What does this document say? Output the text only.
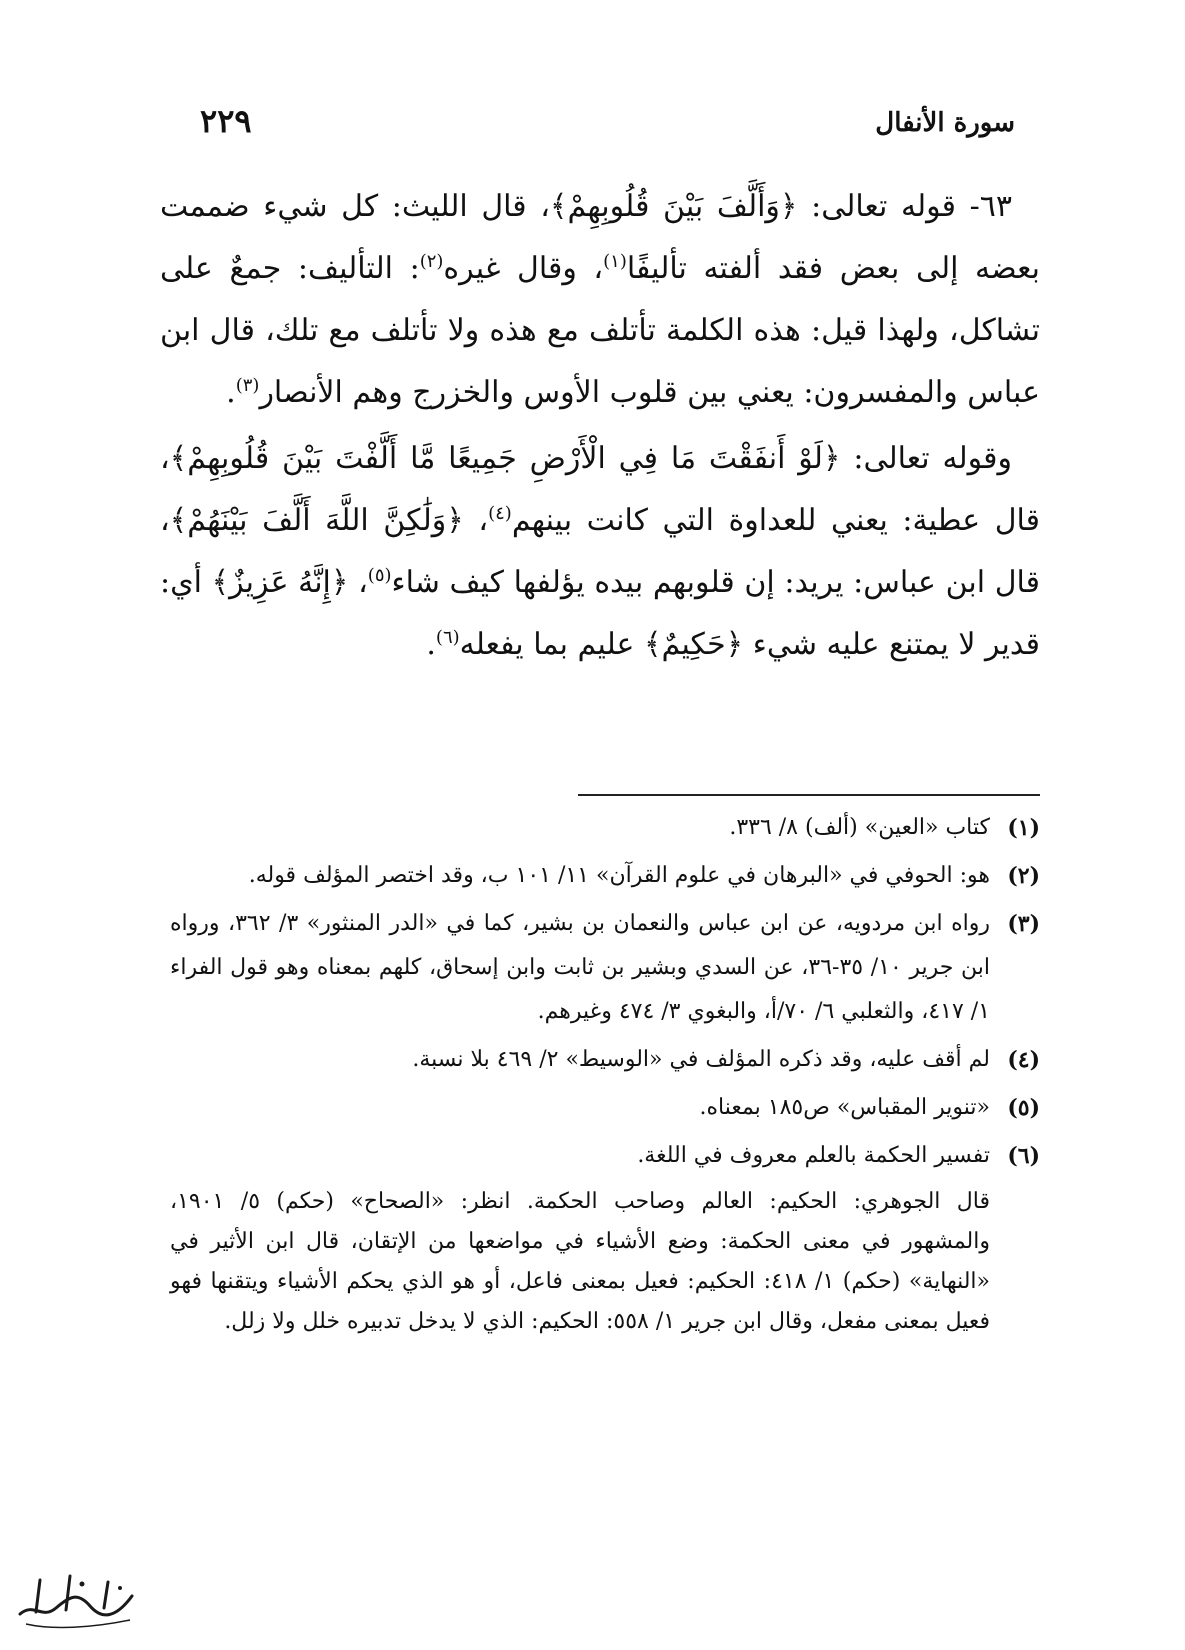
سورة الأنفال
٢٢٩

٦٣- قوله تعالى: ﴿وَأَلَّفَ بَيْنَ قُلُوبِهِمْ﴾، قال الليث: كل شيء ضممت بعضه إلى بعض فقد ألفته تأليفًا$^{(١)}$، وقال غيره$^{(٢)}$: التأليف: جمعٌ على تشاكل، ولهذا قيل: هذه الكلمة تأتلف مع هذه ولا تأتلف مع تلك، قال ابن عباس والمفسرون: يعني بين قلوب الأوس والخزرج وهم الأنصار$^{(٣)}$.

وقوله تعالى: ﴿لَوْ أَنفَقْتَ مَا فِي الْأَرْضِ جَمِيعًا مَّا أَلَّفْتَ بَيْنَ قُلُوبِهِمْ﴾، قال عطية: يعني للعداوة التي كانت بينهم$^{(٤)}$، ﴿وَلَٰكِنَّ اللَّهَ أَلَّفَ بَيْنَهُمْ﴾، قال ابن عباس: يريد: إن قلوبهم بيده يؤلفها كيف شاء$^{(٥)}$، ﴿إِنَّهُ عَزِيزٌ﴾ أي: قدير لا يمتنع عليه شيء ﴿حَكِيمٌ﴾ عليم بما يفعله$^{(٦)}$.

(١)
كتاب «العين» (ألف) ٨/ ٣٣٦.
(٢)
هو: الحوفي في «البرهان في علوم القرآن» ١١/ ١٠١ ب، وقد اختصر المؤلف قوله.
(٣)
رواه ابن مردويه، عن ابن عباس والنعمان بن بشير، كما في «الدر المنثور» ٣/ ٣٦٢، ورواه ابن جرير ١٠/ ٣٥-٣٦، عن السدي وبشير بن ثابت وابن إسحاق، كلهم بمعناه وهو قول الفراء ١/ ٤١٧، والثعلبي ٦/ ٧٠/أ، والبغوي ٣/ ٤٧٤ وغيرهم.
(٤)
لم أقف عليه، وقد ذكره المؤلف في «الوسيط» ٢/ ٤٦٩ بلا نسبة.
(٥)
«تنوير المقباس» ص١٨٥ بمعناه.
(٦)
تفسير الحكمة بالعلم معروف في اللغة.
قال الجوهري: الحكيم: العالم وصاحب الحكمة. انظر: «الصحاح» (حكم) ٥/ ١٩٠١، والمشهور في معنى الحكمة: وضع الأشياء في مواضعها من الإتقان، قال ابن الأثير في «النهاية» (حكم) ١/ ٤١٨: الحكيم: فعيل بمعنى فاعل، أو هو الذي يحكم الأشياء ويتقنها فهو فعيل بمعنى مفعل، وقال ابن جرير ١/ ٥٥٨: الحكيم: الذي لا يدخل تدبيره خلل ولا زلل.
